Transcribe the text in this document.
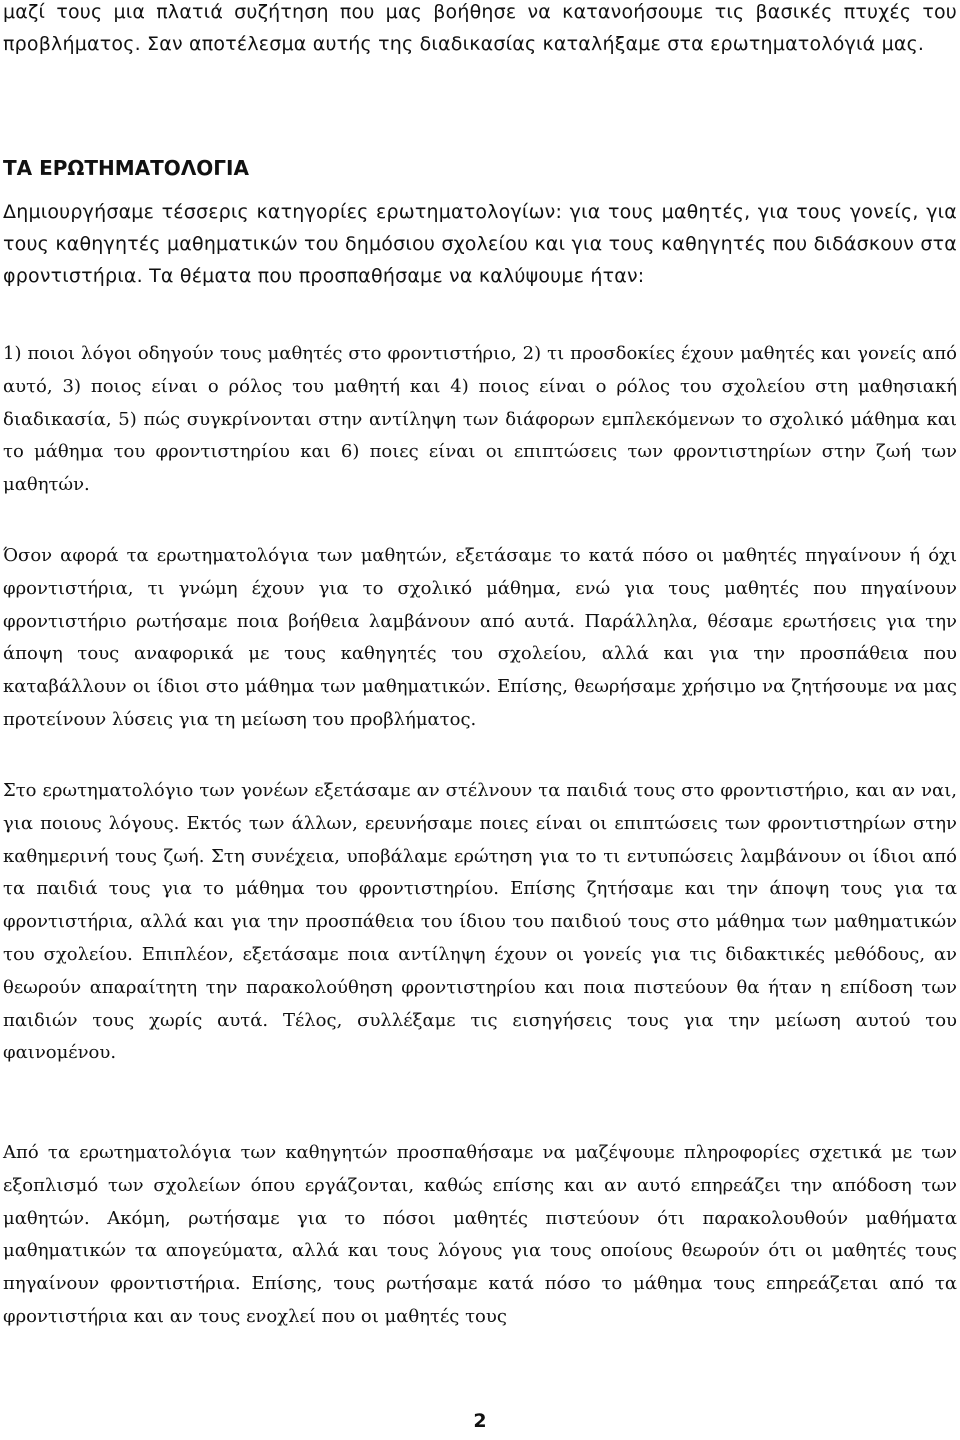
μαζί τους μια πλατιά συζήτηση που μας βοήθησε να κατανοήσουμε τις βασικές πτυχές του προβλήματος. Σαν αποτέλεσμα αυτής της διαδικασίας καταλήξαμε στα ερωτηματολόγιά μας.

ΤΑ ΕΡΩΤΗΜΑΤΟΛΟΓΙΑ

Δημιουργήσαμε τέσσερις κατηγορίες ερωτηματολογίων: για τους μαθητές, για τους γονείς, για τους καθηγητές μαθηματικών του δημόσιου σχολείου και για τους καθηγητές που διδάσκουν στα φροντιστήρια. Τα θέματα που προσπαθήσαμε να καλύψουμε ήταν:

1) ποιοι λόγοι οδηγούν τους μαθητές στο φροντιστήριο, 2) τι προσδοκίες έχουν μαθητές και γονείς από αυτό, 3) ποιος είναι ο ρόλος του μαθητή και 4) ποιος είναι ο ρόλος του σχολείου στη μαθησιακή διαδικασία, 5) πώς συγκρίνονται στην αντίληψη των διάφορων εμπλεκόμενων το σχολικό μάθημα και το μάθημα του φροντιστηρίου και 6) ποιες είναι οι επιπτώσεις των φροντιστηρίων στην ζωή των μαθητών.

Όσον αφορά τα ερωτηματολόγια των μαθητών, εξετάσαμε το κατά πόσο οι μαθητές πηγαίνουν ή όχι φροντιστήρια, τι γνώμη έχουν για το σχολικό μάθημα, ενώ για τους μαθητές που πηγαίνουν φροντιστήριο ρωτήσαμε ποια βοήθεια λαμβάνουν από αυτά. Παράλληλα, θέσαμε ερωτήσεις για την άποψη τους αναφορικά με τους καθηγητές του σχολείου, αλλά και για την προσπάθεια που καταβάλλουν οι ίδιοι στο μάθημα των μαθηματικών. Επίσης, θεωρήσαμε χρήσιμο να ζητήσουμε να μας προτείνουν λύσεις για τη μείωση του προβλήματος.

Στο ερωτηματολόγιο των γονέων εξετάσαμε αν στέλνουν τα παιδιά τους στο φροντιστήριο, και αν ναι, για ποιους λόγους. Εκτός των άλλων, ερευνήσαμε ποιες είναι οι επιπτώσεις των φροντιστηρίων στην καθημερινή τους ζωή. Στη συνέχεια, υποβάλαμε ερώτηση για το τι εντυπώσεις λαμβάνουν οι ίδιοι από τα παιδιά τους για το μάθημα του φροντιστηρίου. Επίσης ζητήσαμε και την άποψη τους για τα φροντιστήρια, αλλά και για την προσπάθεια του ίδιου του παιδιού τους στο μάθημα των μαθηματικών του σχολείου. Επιπλέον, εξετάσαμε ποια αντίληψη έχουν οι γονείς για τις διδακτικές μεθόδους, αν θεωρούν απαραίτητη την παρακολούθηση φροντιστηρίου και ποια πιστεύουν θα ήταν η επίδοση των παιδιών τους χωρίς αυτά. Τέλος, συλλέξαμε τις εισηγήσεις τους για την μείωση αυτού του φαινομένου.

Από τα ερωτηματολόγια των καθηγητών προσπαθήσαμε να μαζέψουμε πληροφορίες σχετικά με των εξοπλισμό των σχολείων όπου εργάζονται, καθώς επίσης και αν αυτό επηρεάζει την απόδοση των μαθητών. Ακόμη, ρωτήσαμε για το πόσοι μαθητές πιστεύουν ότι παρακολουθούν μαθήματα μαθηματικών τα απογεύματα, αλλά και τους λόγους για τους οποίους θεωρούν ότι οι μαθητές τους πηγαίνουν φροντιστήρια. Επίσης, τους ρωτήσαμε κατά πόσο το μάθημα τους επηρεάζεται από τα φροντιστήρια και αν τους ενοχλεί που οι μαθητές τους

2
